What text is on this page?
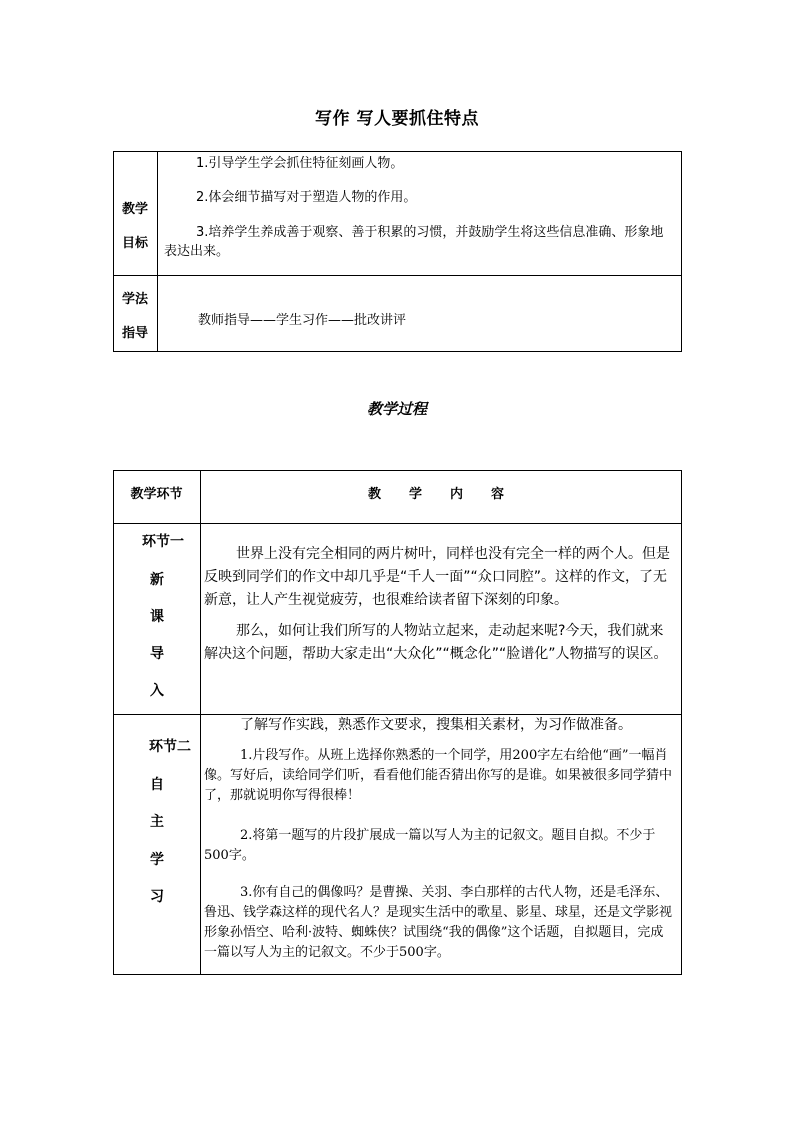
写作 写人要抓住特点
教学
目标
1.引导学生学会抓住特征刻画人物。
2.体会细节描写对于塑造人物的作用。
3.培养学生养成善于观察、善于积累的习惯，并鼓励学生将这些信息准确、形象地表达出来。
学法
指导
教师指导——学生习作——批改讲评
教学过程
教学环节	教学内容
环节一
新
课
导
入
世界上没有完全相同的两片树叶，同样也没有完全一样的两个人。但是反映到同学们的作文中却几乎是“千人一面”“众口同腔”。这样的作文，了无新意，让人产生视觉疲劳，也很难给读者留下深刻的印象。
那么，如何让我们所写的人物站立起来，走动起来呢?今天，我们就来解决这个问题，帮助大家走出“大众化”“概念化”“脸谱化”人物描写的误区。
环节二
自
主
学
习
了解写作实践，熟悉作文要求，搜集相关素材，为习作做准备。
1.片段写作。从班上选择你熟悉的一个同学，用200字左右给他“画”一幅肖像。写好后，读给同学们听，看看他们能否猜出你写的是谁。如果被很多同学猜中了，那就说明你写得很棒！
2.将第一题写的片段扩展成一篇以写人为主的记叙文。题目自拟。不少于500字。
3.你有自己的偶像吗？是曹操、关羽、李白那样的古代人物，还是毛泽东、鲁迅、钱学森这样的现代名人？是现实生活中的歌星、影星、球星，还是文学影视形象孙悟空、哈利·波特、蜘蛛侠？试围绕“我的偶像”这个话题，自拟题目，完成一篇以写人为主的记叙文。不少于500字。
